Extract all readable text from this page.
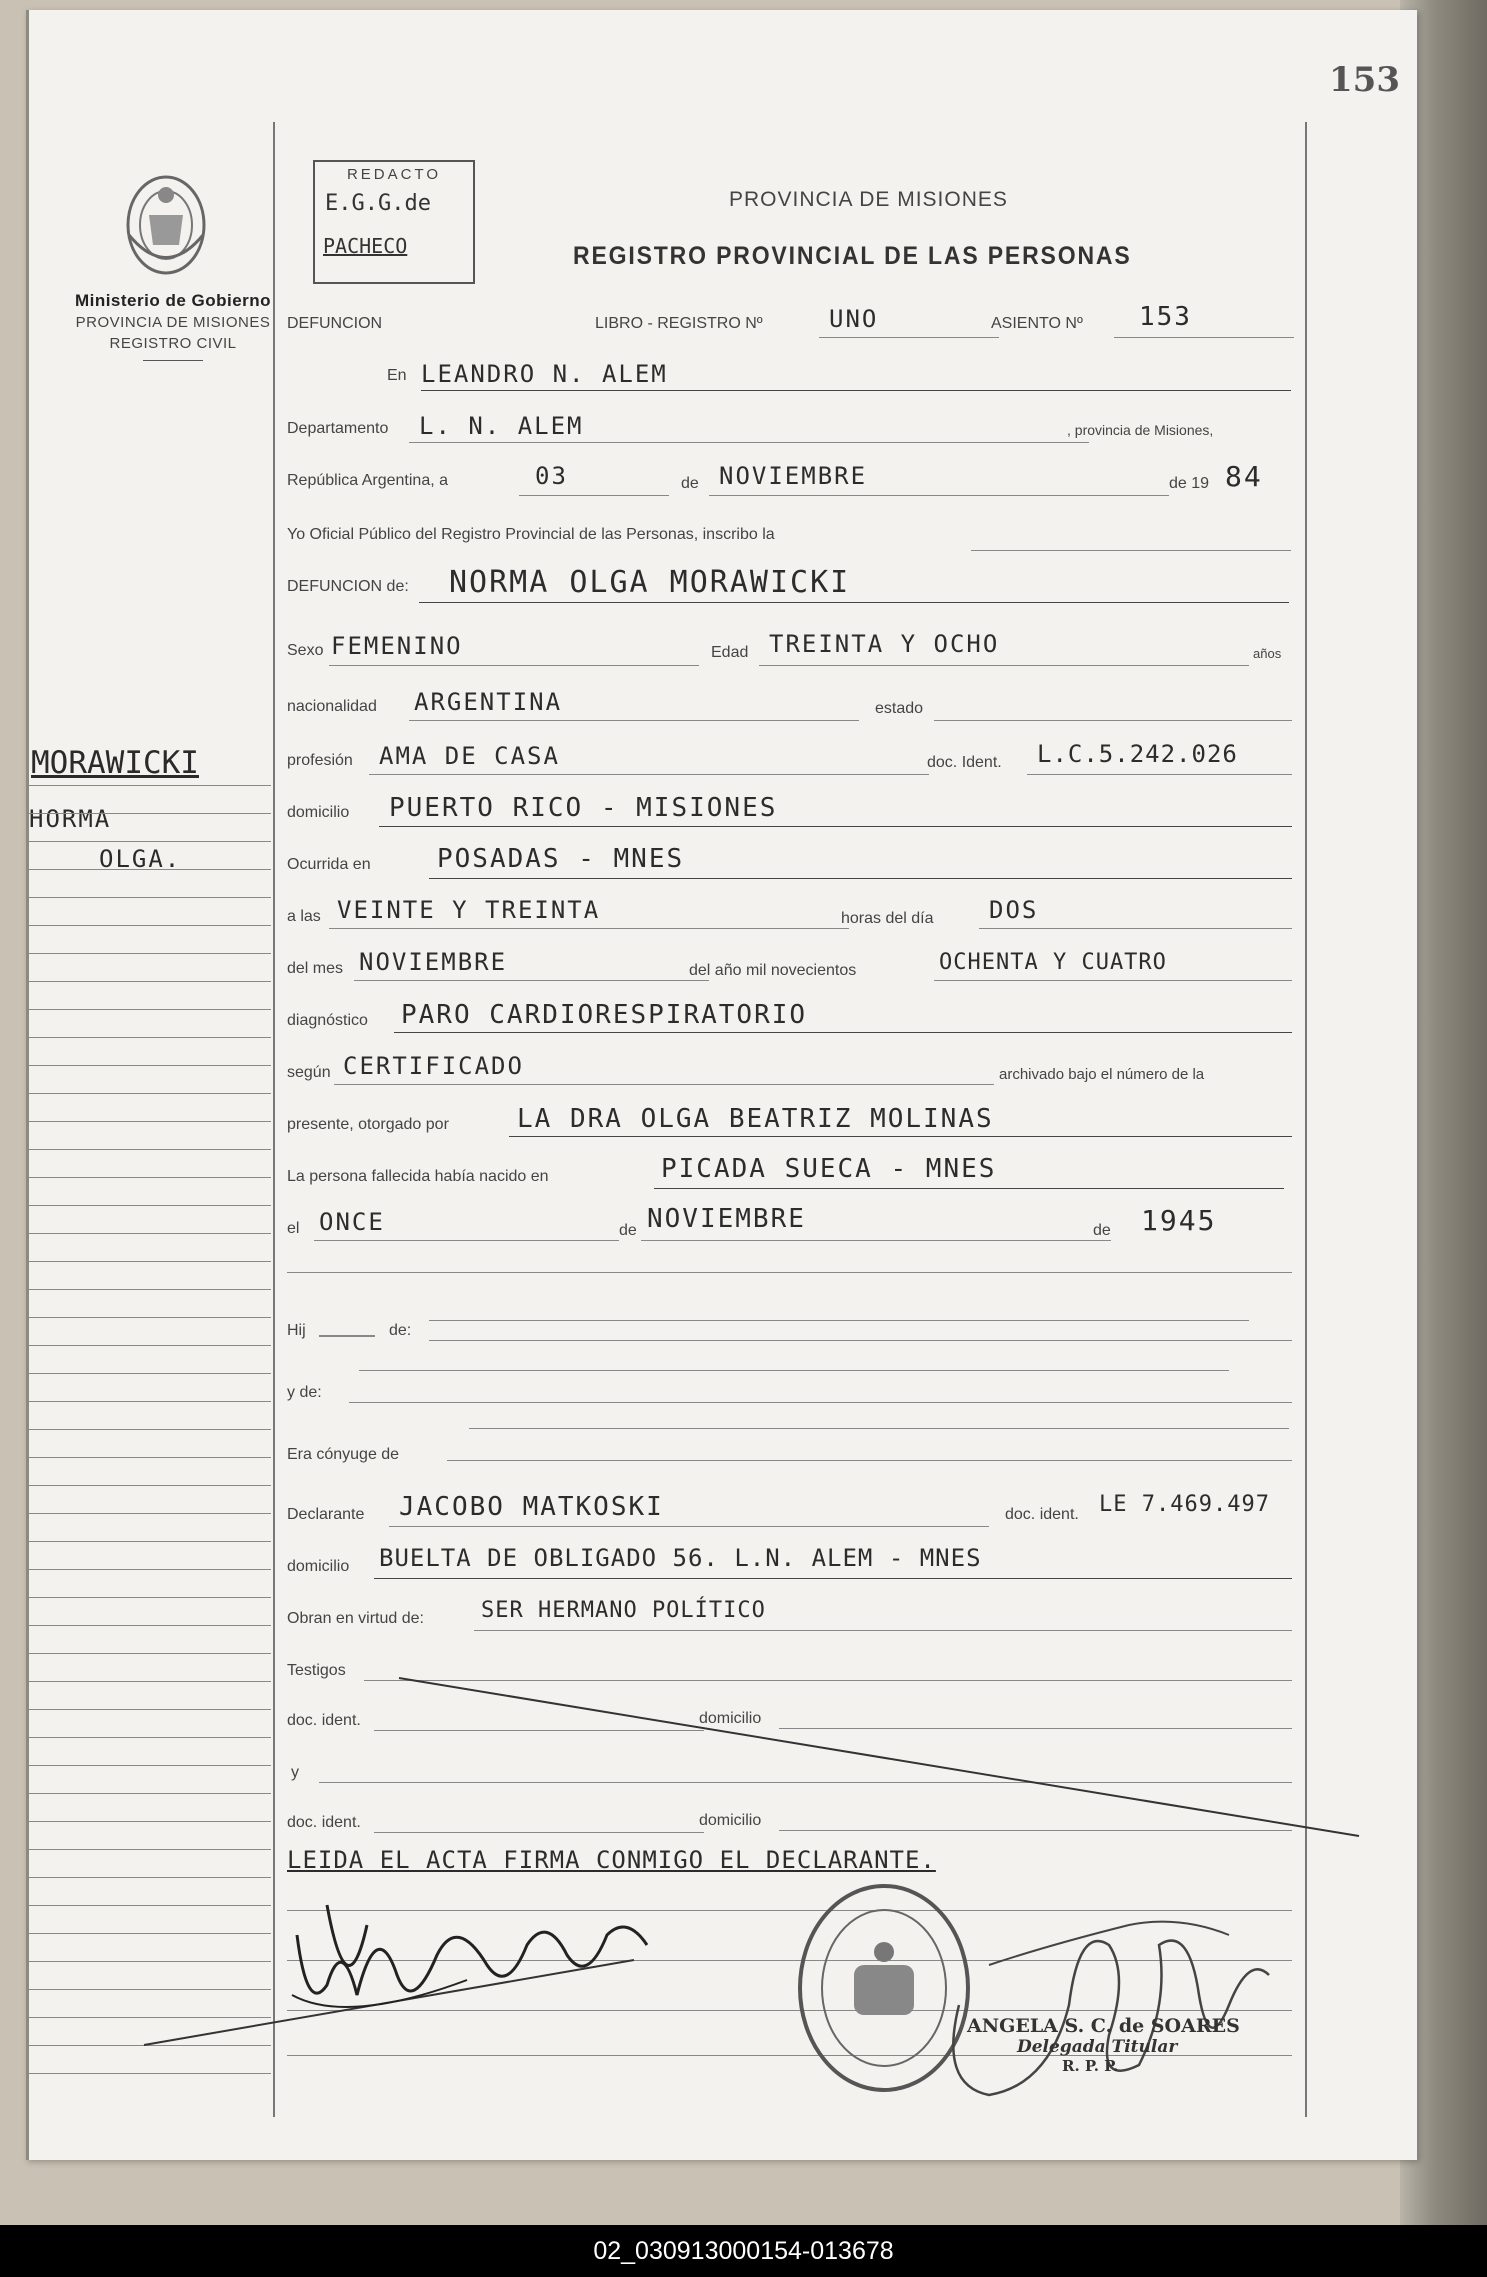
153
Ministerio de Gobierno
PROVINCIA DE MISIONES
REGISTRO CIVIL
REDACTO
E.G.G.de
PACHECO
PROVINCIA DE MISIONES
REGISTRO PROVINCIAL DE LAS PERSONAS
MORAWICKI
HORMA
OLGA.
DEFUNCION	LIBRO - REGISTRO Nº	UNO	ASIENTO Nº 153
En LEANDRO N. ALEM
Departamento L. N. ALEM	, provincia de Misiones,
República Argentina, a	03	de NOVIEMBRE	de 19 84
Yo Oficial Público del Registro Provincial de las Personas, inscribo la
DEFUNCION de: NORMA OLGA MORAWICKI
Sexo FEMENINO	Edad TREINTA Y OCHO	años
nacionalidad ARGENTINA	estado
profesión AMA DE CASA	doc. Ident. L.C.5.242.026
domicilio PUERTO RICO - MISIONES
Ocurrida en	POSADAS - MNES
a las VEINTE Y TREINTA	horas del día DOS
del mes NOVIEMBRE	del año mil novecientos	OCHENTA Y CUATRO
diagnóstico PARO CARDIORESPIRATORIO
según CERTIFICADO	archivado bajo el número de la
presente, otorgado por	LA DRA OLGA BEATRIZ MOLINAS
La persona fallecida había nacido en	PICADA SUECA - MNES
el ONCE	de NOVIEMBRE	de 1945
Hij	de:
y de:
Era cónyuge de
Declarante JACOBO MATKOSKI	doc. ident. LE 7.469.497
domicilio BUELTA DE OBLIGADO 56. L.N. ALEM - MNES
Obran en virtud de:	SER HERMANO POLÍTICO
Testigos
doc. ident.	domicilio
y
doc. ident.	domicilio
LEIDA EL ACTA FIRMA CONMIGO EL DECLARANTE.
ANGELA S. C. de SOARES
Delegada Titular
R. P. P.
02_030913000154-013678
